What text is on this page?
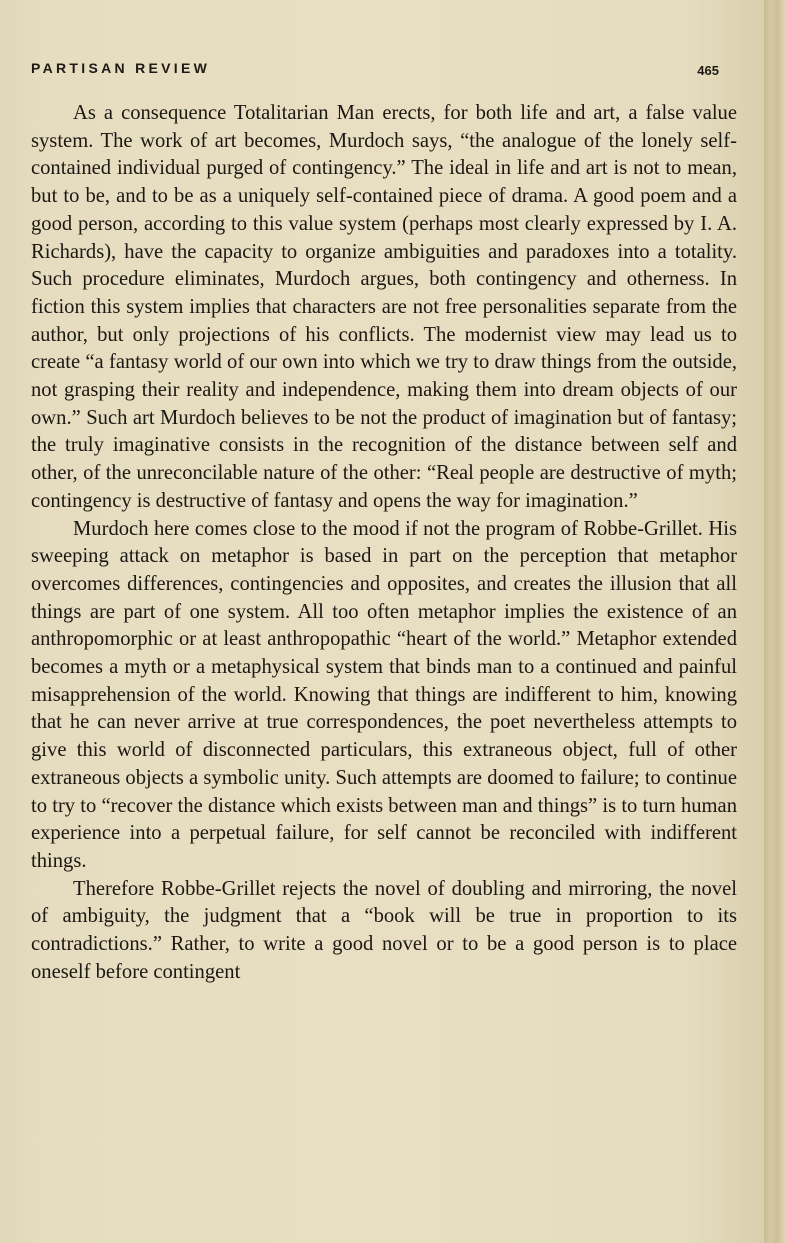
PARTISAN REVIEW	465

As a consequence Totalitarian Man erects, for both life and art, a false value system. The work of art becomes, Murdoch says, “the analogue of the lonely self-contained individual purged of contingency.” The ideal in life and art is not to mean, but to be, and to be as a uniquely self-contained piece of drama. A good poem and a good person, according to this value system (perhaps most clearly expressed by I. A. Richards), have the capacity to organize ambiguities and paradoxes into a totality. Such procedure eliminates, Murdoch argues, both contingency and otherness. In fiction this system implies that characters are not free personalities separate from the author, but only projections of his conflicts. The modernist view may lead us to create “a fantasy world of our own into which we try to draw things from the outside, not grasping their reality and independence, making them into dream objects of our own.” Such art Murdoch believes to be not the product of imagination but of fantasy; the truly imaginative consists in the recognition of the distance between self and other, of the unreconcilable nature of the other: “Real people are destructive of myth; contingency is destructive of fantasy and opens the way for imagination.”

Murdoch here comes close to the mood if not the program of Robbe-Grillet. His sweeping attack on metaphor is based in part on the perception that metaphor overcomes differences, contingencies and opposites, and creates the illusion that all things are part of one system. All too often metaphor implies the existence of an anthropomorphic or at least anthropopathic “heart of the world.” Metaphor extended becomes a myth or a metaphysical system that binds man to a continued and painful misapprehension of the world. Knowing that things are indifferent to him, knowing that he can never arrive at true correspondences, the poet nevertheless attempts to give this world of disconnected particulars, this extraneous object, full of other extraneous objects a symbolic unity. Such attempts are doomed to failure; to continue to try to “recover the distance which exists between man and things” is to turn human experience into a perpetual failure, for self cannot be reconciled with indifferent things.

Therefore Robbe-Grillet rejects the novel of doubling and mirroring, the novel of ambiguity, the judgment that a “book will be true in proportion to its contradictions.” Rather, to write a good novel or to be a good person is to place oneself before contingent
